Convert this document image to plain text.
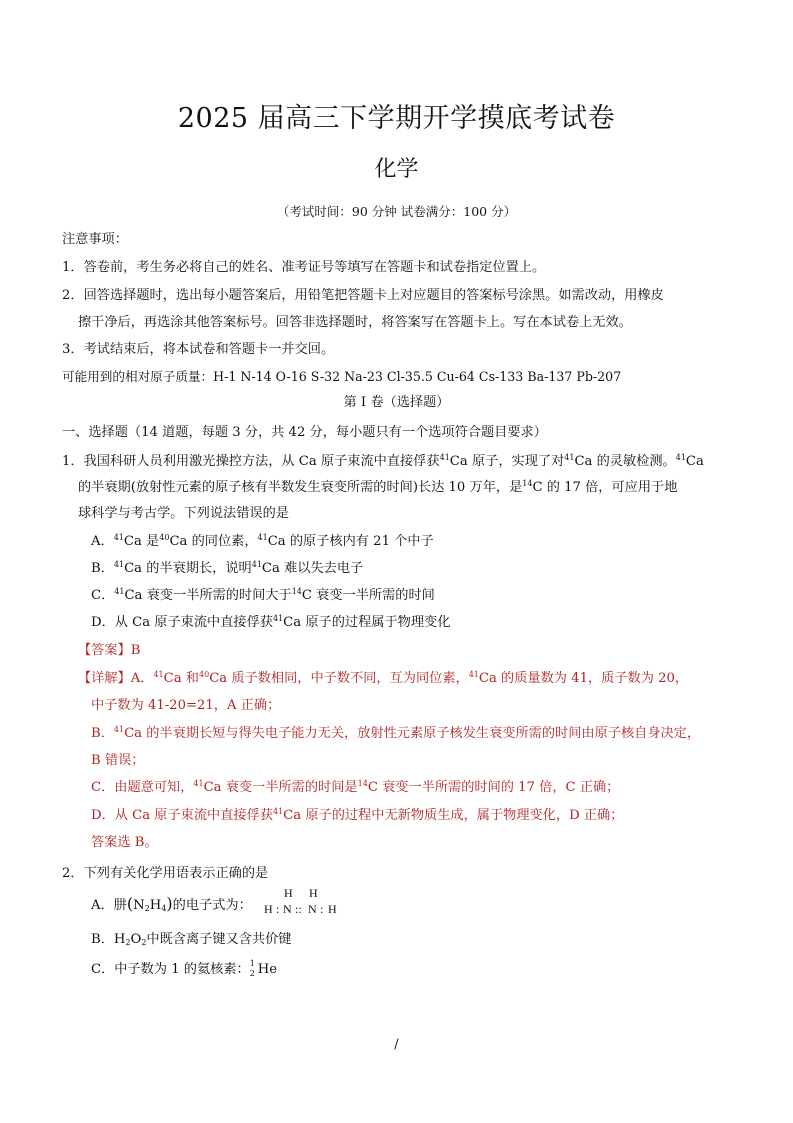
2025 届高三下学期开学摸底考试卷
化学
（考试时间：90 分钟 试卷满分：100 分）
注意事项：
1．答卷前，考生务必将自己的姓名、准考证号等填写在答题卡和试卷指定位置上。
2．回答选择题时，选出每小题答案后，用铅笔把答题卡上对应题目的答案标号涂黑。如需改动，用橡皮
擦干净后，再选涂其他答案标号。回答非选择题时，将答案写在答题卡上。写在本试卷上无效。
3．考试结束后，将本试卷和答题卡一并交回。
可能用到的相对原子质量：H-1 N-14 O-16 S-32 Na-23 Cl-35.5 Cu-64 Cs-133 Ba-137 Pb-207
第 I 卷（选择题）
一、选择题（14 道题，每题 3 分，共 42 分，每小题只有一个选项符合题目要求）
1．我国科研人员利用激光操控方法，从 Ca 原子束流中直接俘获$^{41}$Ca 原子，实现了对$^{41}$Ca 的灵敏检测。$^{41}$Ca
的半衰期(放射性元素的原子核有半数发生衰变所需的时间)长达 10 万年，是$^{14}$C 的 17 倍，可应用于地
球科学与考古学。下列说法错误的是
A．$^{41}$Ca 是$^{40}$Ca 的同位素，$^{41}$Ca 的原子核内有 21 个中子
B．$^{41}$Ca 的半衰期长，说明$^{41}$Ca 难以失去电子
C．$^{41}$Ca 衰变一半所需的时间大于$^{14}$C 衰变一半所需的时间
D．从 Ca 原子束流中直接俘获$^{41}$Ca 原子的过程属于物理变化
【答案】B
【详解】A．$^{41}$Ca 和$^{40}$Ca 质子数相同，中子数不同，互为同位素，$^{41}$Ca 的质量数为 41，质子数为 20，
中子数为 41-20=21，A 正确；
B．$^{41}$Ca 的半衰期长短与得失电子能力无关，放射性元素原子核发生衰变所需的时间由原子核自身决定，
B 错误；
C．由题意可知，$^{41}$Ca 衰变一半所需的时间是$^{14}$C 衰变一半所需的时间的 17 倍，C 正确；
D．从 Ca 原子束流中直接俘获$^{41}$Ca 原子的过程中无新物质生成，属于物理变化，D 正确；
答案选 B。
2．下列有关化学用语表示正确的是
A．肼$(N_2H_4)$的电子式为：
H H
H : N :: N : H
B．$H_2O_2$中既含离子键又含共价键
C．中子数为 1 的氦核素： 1
2 He
/
